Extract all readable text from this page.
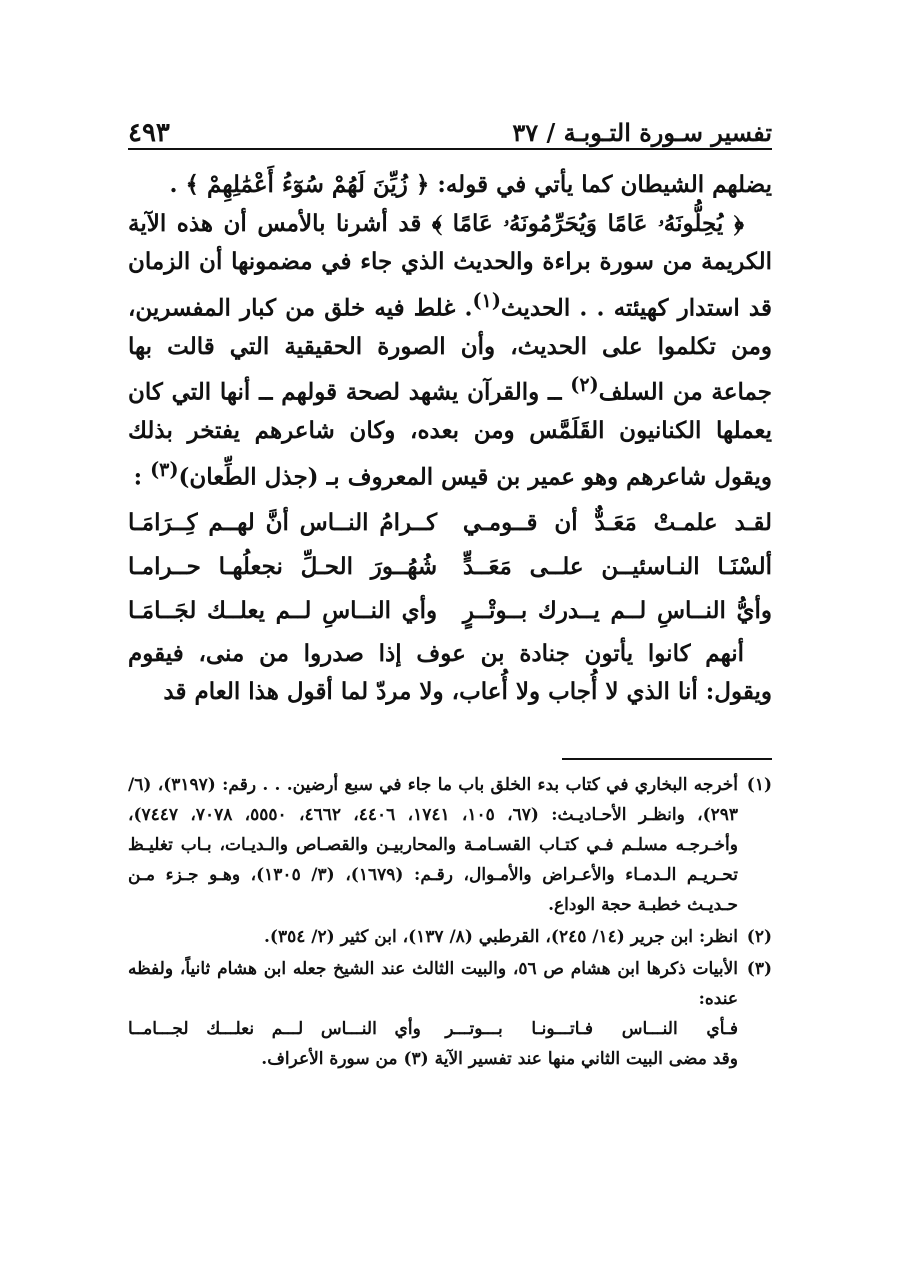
تفسير سـورة التـوبـة / ٣٧
٤٩٣

يضلهم الشيطان كما يأتي في قوله: ﴿ زُيِّنَ لَهُمْ سُوٓءُ أَعْمَٰلِهِمْ ﴾ .

﴿ يُحِلُّونَهُۥ عَامًا وَيُحَرِّمُونَهُۥ عَامًا ﴾ قد أشرنا بالأمس أن هذه الآية الكريمة من سورة براءة والحديث الذي جاء في مضمونها أن الزمان قد استدار كهيئته . . الحديث$^{(١)}$. غلط فيه خلق من كبار المفسرين، ومن تكلموا على الحديث، وأن الصورة الحقيقية التي قالت بها جماعة من السلف$^{(٢)}$ ــ والقرآن يشهد لصحة قولهم ــ أنها التي كان يعملها الكنانيون القَلَمَّس ومن بعده، وكان شاعرهم يفتخر بذلك ويقول شاعرهم وهو عمير بن قيس المعروف بـ (جذل الطِّعان)$^{(٣)}$ :

لقـد علمـتْ مَعَـدٌّ أن قــومـي
كــرامُ النــاس أنَّ لهــم كِــرَامَـا
ألسْنَـا النـاسئيــن علــى مَعَــدٍّ
شُهُــورَ الحـلِّ نجعلُهـا حــرامـا
وأيُّ النــاسِ لــم يــدرك بــوتْــرٍ
وأي النــاسِ لــم يعلــك لجَــامَـا

أنهم كانوا يأتون جنادة بن عوف إذا صدروا من منى، فيقوم ويقول: أنا الذي لا أُجاب ولا أُعاب، ولا مردّ لما أقول هذا العام قد

(١)
أخرجه البخاري في كتاب بدء الخلق باب ما جاء في سبع أرضين. . . رقم: (٣١٩٧)، (٦/ ٢٩٣)، وانظـر الأحـاديـث: (٦٧، ١٠٥، ١٧٤١، ٤٤٠٦، ٤٦٦٢، ٥٥٥٠، ٧٠٧٨، ٧٤٤٧)، وأخـرجـه مسلـم فـي كتـاب القسـامـة والمحاربيـن والقصـاص والـديـات، بـاب تغليـظ تحـريـم الـدمـاء والأعـراض والأمـوال، رقـم: (١٦٧٩)، (٣/ ١٣٠٥)، وهـو جـزء مـن حـديـث خطبـة حجة الوداع.
(٢)
انظر: ابن جرير (١٤/ ٢٤٥)، القرطبي (٨/ ١٣٧)، ابن كثير (٢/ ٣٥٤).
(٣)
الأبيات ذكرها ابن هشام ص ٥٦، والبيت الثالث عند الشيخ جعله ابن هشام ثانياً، ولفظه عنده:
فـأي النـــاس فـاتـــونـا بـــوتـــر
وأي النـــاس لـــم نعلـــك لجـــامــا
وقد مضى البيت الثاني منها عند تفسير الآية (٣) من سورة الأعراف.
